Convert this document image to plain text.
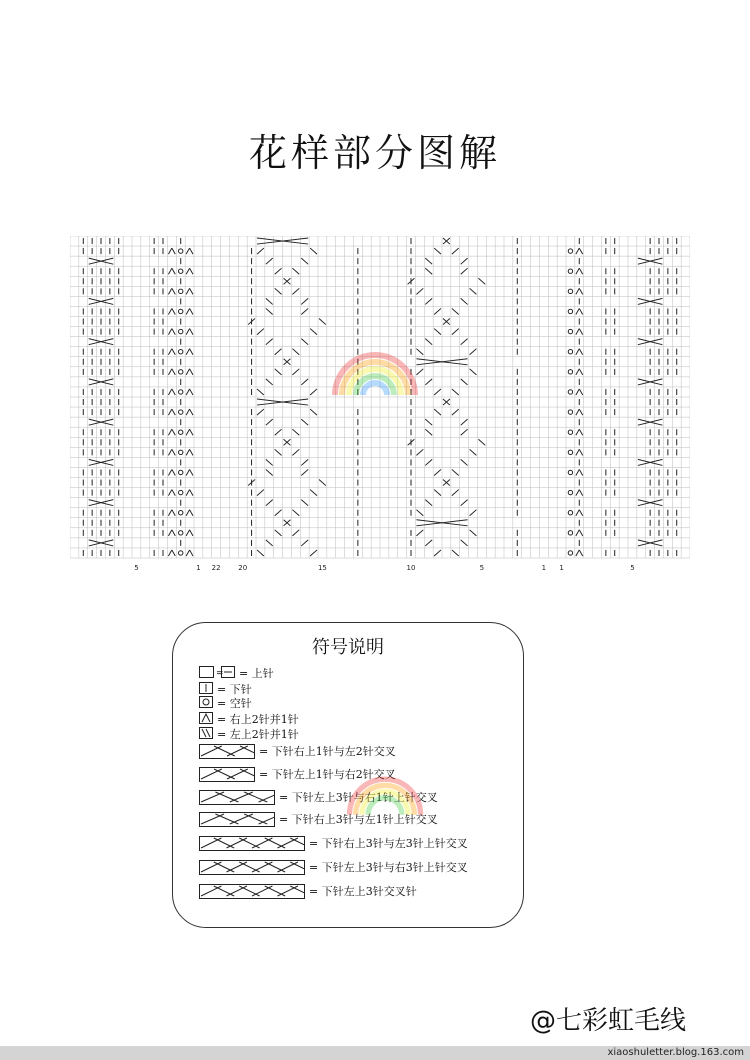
花样部分图解
5	1 22	20	15	10	5	1 1	5
符号说明
= = 上针
= 下针
= 空针
= 右上2针并1针
= 左上2针并1针
= 下针右上1针与左2针交叉
= 下针左上1针与右2针交叉
= 下针左上3针与右1针上针交叉
= 下针右上3针与左1针上针交叉
= 下针右上3针与左3针上针交叉
= 下针左上3针与右3针上针交叉
= 下针左上3针交叉针
@七彩虹毛线
xiaoshuletter.blog.163.com
